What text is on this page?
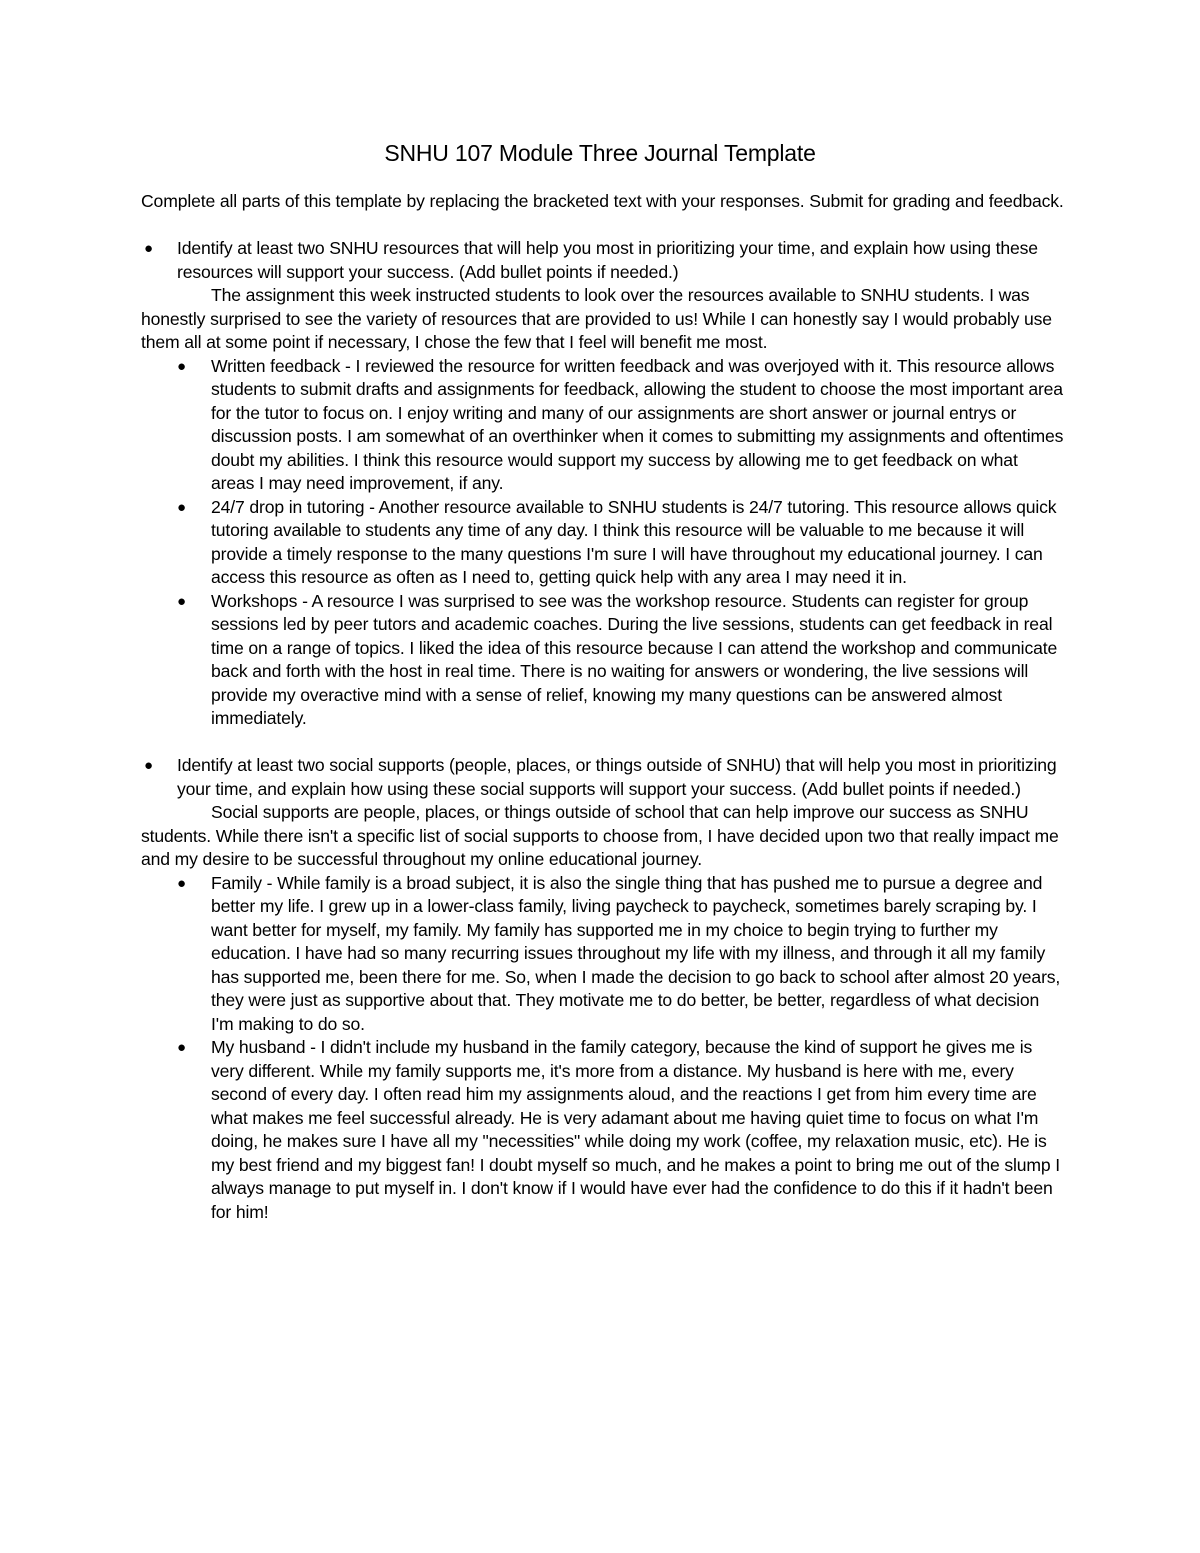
SNHU 107 Module Three Journal Template

Complete all parts of this template by replacing the bracketed text with your responses. Submit for grading and feedback.

● Identify at least two SNHU resources that will help you most in prioritizing your time, and explain how using these resources will support your success. (Add bullet points if needed.)

The assignment this week instructed students to look over the resources available to SNHU students. I was honestly surprised to see the variety of resources that are provided to us! While I can honestly say I would probably use them all at some point if necessary, I chose the few that I feel will benefit me most.

● Written feedback - I reviewed the resource for written feedback and was overjoyed with it. This resource allows students to submit drafts and assignments for feedback, allowing the student to choose the most important area for the tutor to focus on. I enjoy writing and many of our assignments are short answer or journal entrys or discussion posts. I am somewhat of an overthinker when it comes to submitting my assignments and oftentimes doubt my abilities. I think this resource would support my success by allowing me to get feedback on what areas I may need improvement, if any.
● 24/7 drop in tutoring - Another resource available to SNHU students is 24/7 tutoring. This resource allows quick tutoring available to students any time of any day. I think this resource will be valuable to me because it will provide a timely response to the many questions I'm sure I will have throughout my educational journey. I can access this resource as often as I need to, getting quick help with any area I may need it in.
● Workshops - A resource I was surprised to see was the workshop resource. Students can register for group sessions led by peer tutors and academic coaches. During the live sessions, students can get feedback in real time on a range of topics. I liked the idea of this resource because I can attend the workshop and communicate back and forth with the host in real time. There is no waiting for answers or wondering, the live sessions will provide my overactive mind with a sense of relief, knowing my many questions can be answered almost immediately.

● Identify at least two social supports (people, places, or things outside of SNHU) that will help you most in prioritizing your time, and explain how using these social supports will support your success. (Add bullet points if needed.)

Social supports are people, places, or things outside of school that can help improve our success as SNHU students. While there isn't a specific list of social supports to choose from, I have decided upon two that really impact me and my desire to be successful throughout my online educational journey.

● Family - While family is a broad subject, it is also the single thing that has pushed me to pursue a degree and better my life. I grew up in a lower-class family, living paycheck to paycheck, sometimes barely scraping by. I want better for myself, my family. My family has supported me in my choice to begin trying to further my education. I have had so many recurring issues throughout my life with my illness, and through it all my family has supported me, been there for me. So, when I made the decision to go back to school after almost 20 years, they were just as supportive about that. They motivate me to do better, be better, regardless of what decision I'm making to do so.
● My husband - I didn't include my husband in the family category, because the kind of support he gives me is very different. While my family supports me, it's more from a distance. My husband is here with me, every second of every day. I often read him my assignments aloud, and the reactions I get from him every time are what makes me feel successful already. He is very adamant about me having quiet time to focus on what I'm doing, he makes sure I have all my "necessities" while doing my work (coffee, my relaxation music, etc). He is my best friend and my biggest fan! I doubt myself so much, and he makes a point to bring me out of the slump I always manage to put myself in. I don't know if I would have ever had the confidence to do this if it hadn't been for him!
